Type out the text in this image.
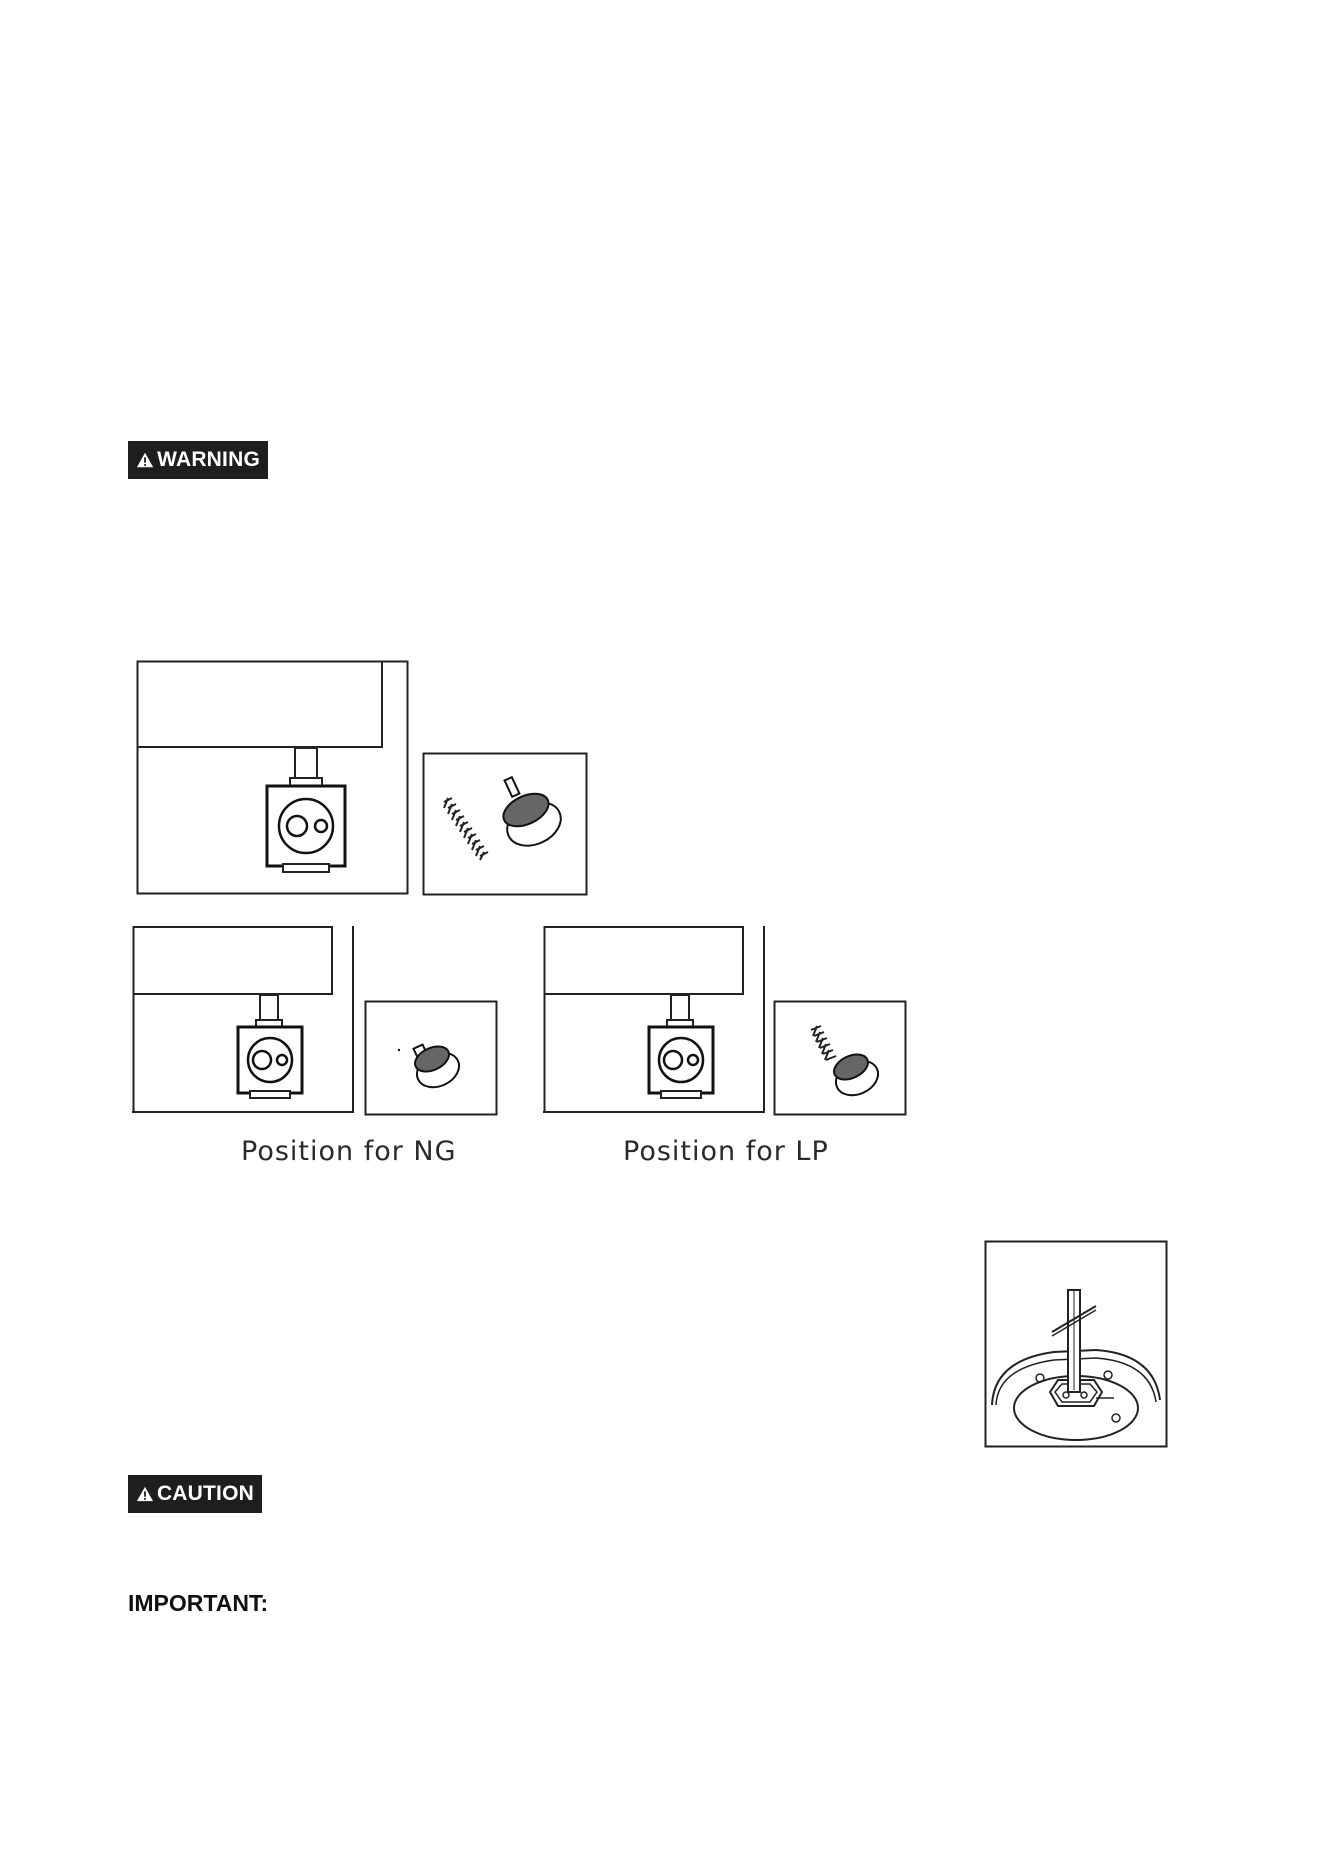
WARNING
Position for NG	Position for LP
CAUTION
IMPORTANT:
